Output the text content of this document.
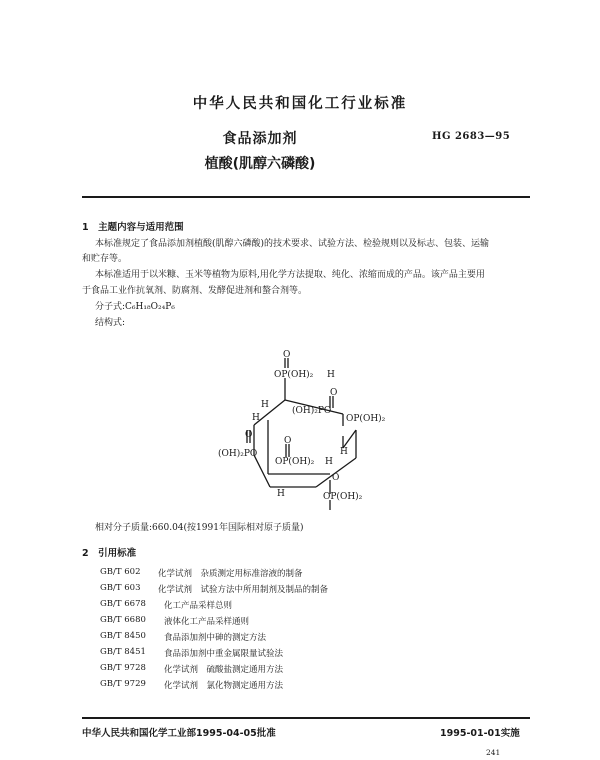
中华人民共和国化工行业标准
食品添加剂	HG 2683—95
植酸(肌醇六磷酸)
1　主题内容与适用范围
本标准规定了食品添加剂植酸(肌醇六磷酸)的技术要求、试验方法、检验规则以及标志、包装、运输
和贮存等。
本标准适用于以米糠、玉米等植物为原料,用化学方法提取、纯化、浓缩而成的产品。该产品主要用
于食品工业作抗氧剂、防腐剂、发酵促进剂和螯合剂等。
分子式:C₆H₁₈O₂₄P₆
结构式:
O
OP(OH)₂ H
O
(OH)₂PO
OP(OH)₂
H
H
O
O
(OH)₂PO
OP(OH)₂ H
H
O
H	OP(OH)₂
相对分子质量:660.04(按1991年国际相对原子质量)
2　引用标准
GB/T 602 化学试剂　杂质测定用标准溶液的制备
GB/T 603 化学试剂　试验方法中所用制剂及制品的制备
GB/T 6678 化工产品采样总则
GB/T 6680 液体化工产品采样通则
GB/T 8450 食品添加剂中砷的测定方法
GB/T 8451 食品添加剂中重金属限量试验法
GB/T 9728 化学试剂　硫酸盐测定通用方法
GB/T 9729 化学试剂　氯化物测定通用方法
中华人民共和国化学工业部1995-04-05批准	1995-01-01实施
241
